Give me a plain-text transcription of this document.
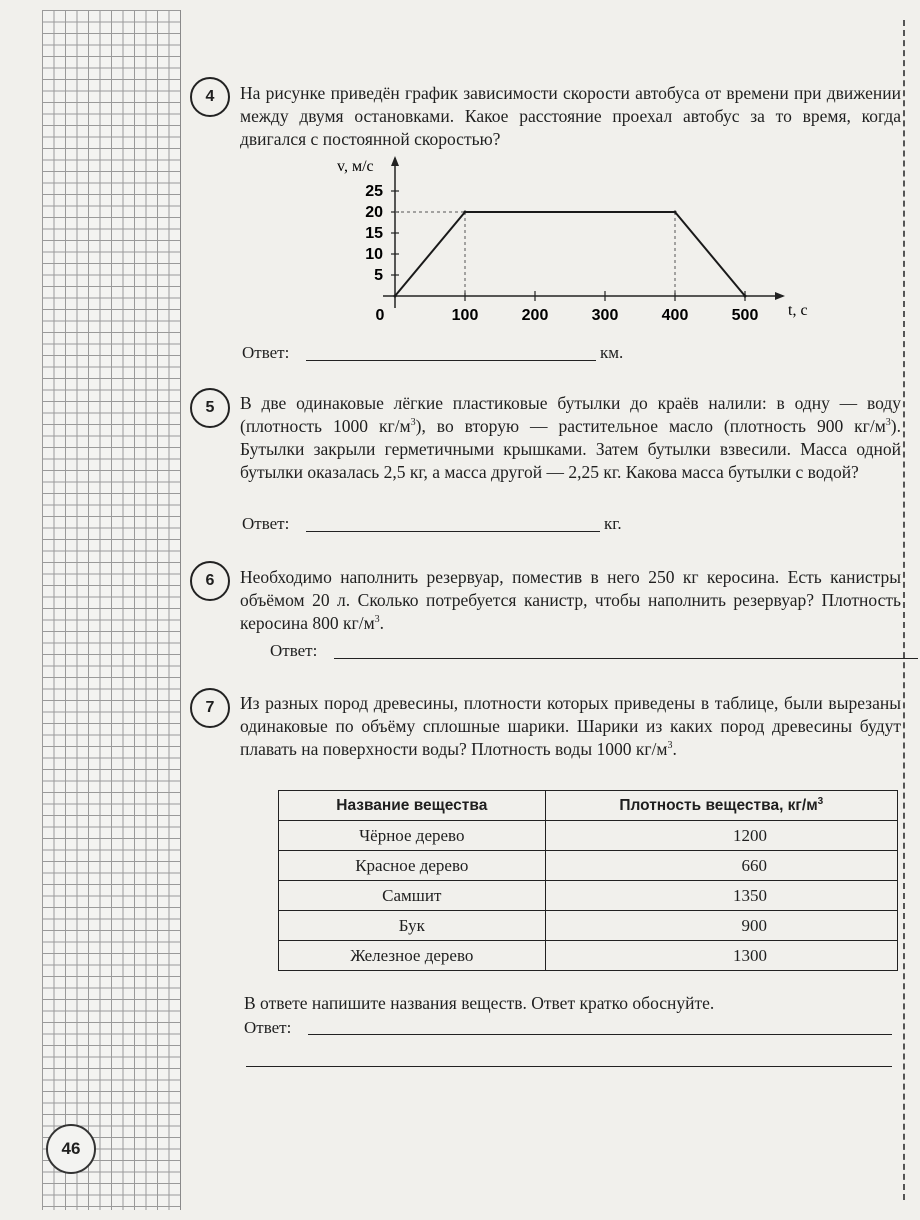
46
4	На рисунке приведён график зависимости скорости автобуса от времени при движении между двумя остановками. Какое расстояние проехал автобус за то время, когда двигался с постоянной скоростью?
v, м/с
t, с
0	100	200	300	400	500
5
10
15
20
25
Ответ:	км.
5	В две одинаковые лёгкие пластиковые бутылки до краёв налили: в одну — воду (плотность 1000 $кг/м^3$), во вторую — растительное масло (плотность 900 $кг/м^3$). Бутылки закрыли герметичными крышками. Затем бутылки взвесили. Масса одной бутылки оказалась 2,5 кг, а масса другой — 2,25 кг. Какова масса бутылки с водой?
Ответ:	кг.
6	Необходимо наполнить резервуар, поместив в него 250 кг керосина. Есть канистры объёмом 20 л. Сколько потребуется канистр, чтобы наполнить резервуар? Плотность керосина 800 $кг/м^3$.
Ответ:
7	Из разных пород древесины, плотности которых приведены в таблице, были вырезаны одинаковые по объёму сплошные шарики. Шарики из каких пород древесины будут плавать на поверхности воды? Плотность воды 1000 $кг/м^3$.
Название вещества	Плотность вещества, $кг/м^3$
Чёрное дерево	1200
Красное дерево	660
Самшит	1350
Бук	900
Железное дерево	1300
В ответе напишите названия веществ. Ответ кратко обоснуйте.
Ответ:
